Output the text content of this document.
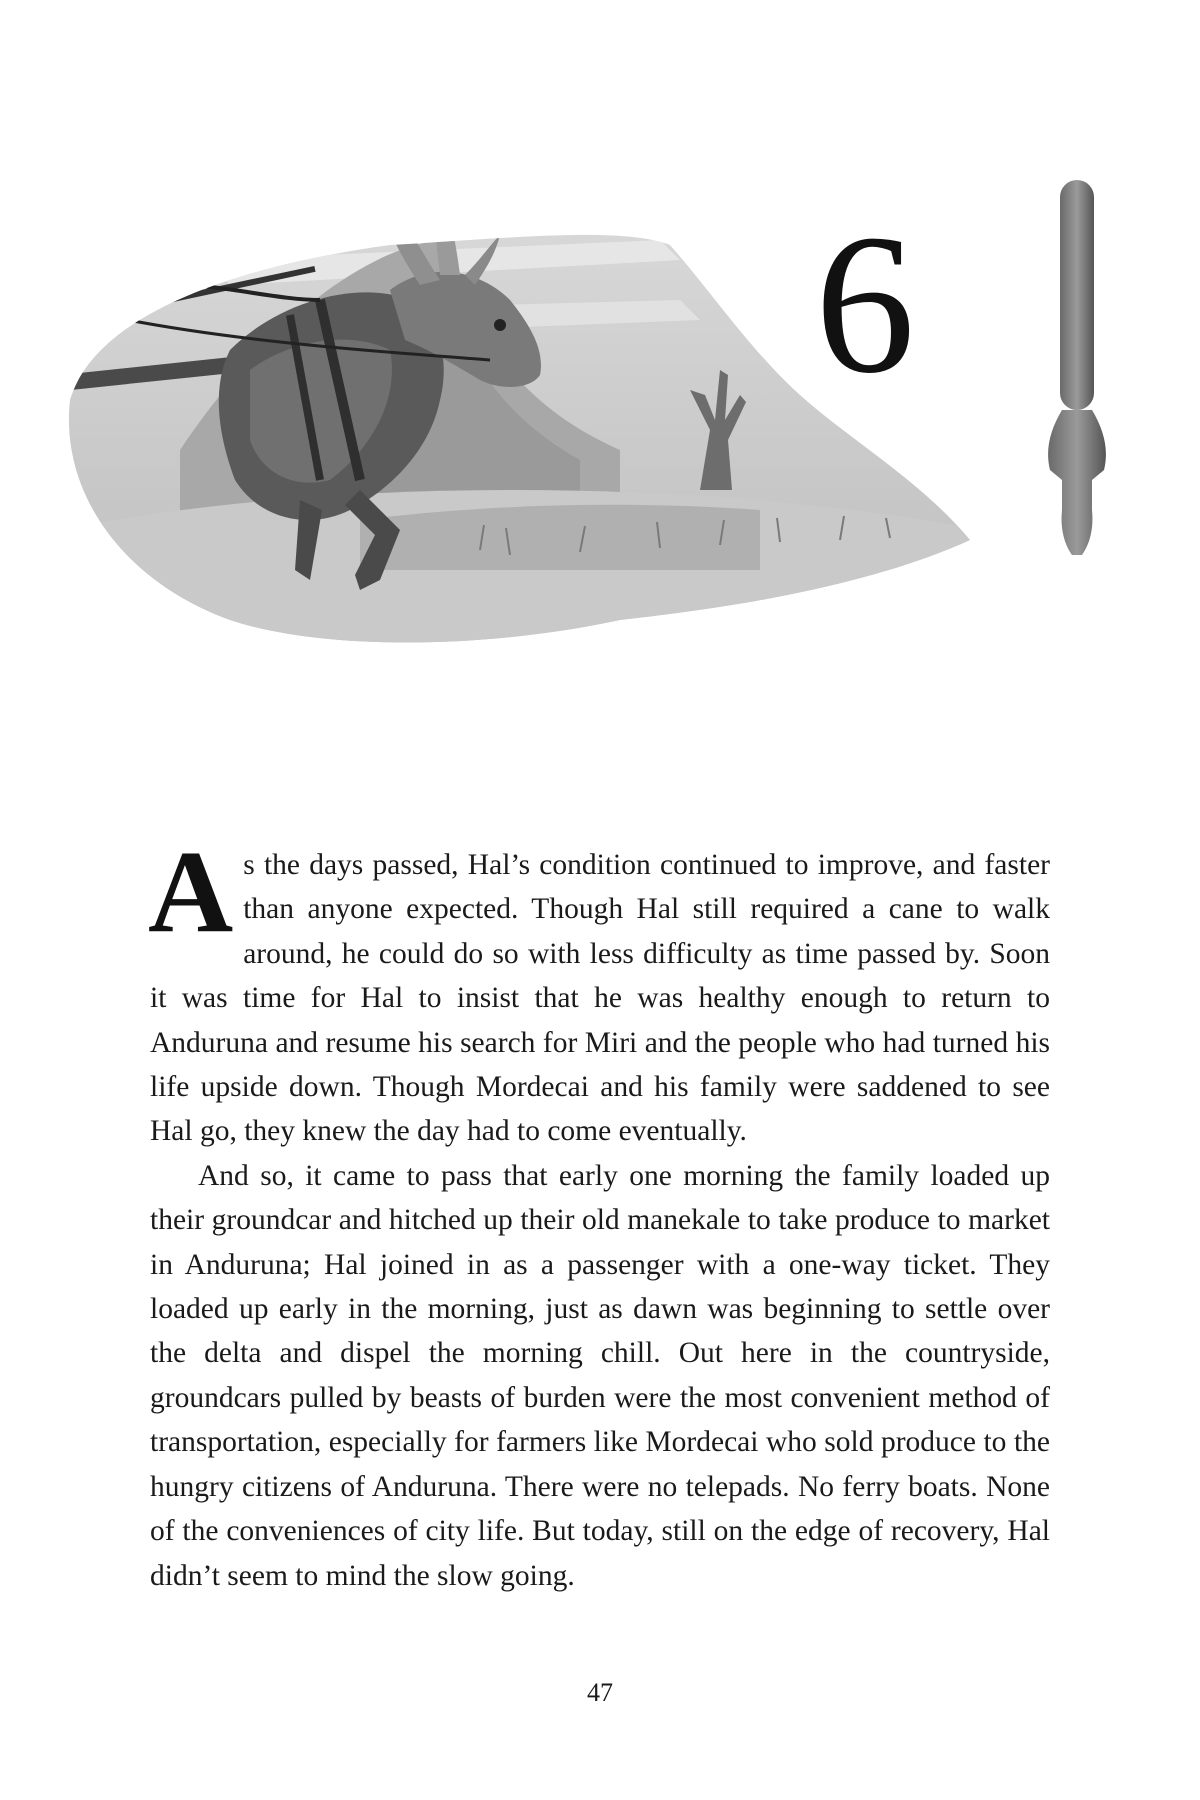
6

As the days passed, Hal’s condition continued to improve, and faster than anyone expected. Though Hal still required a cane to walk around, he could do so with less difficulty as time passed by. Soon it was time for Hal to insist that he was healthy enough to return to Anduruna and resume his search for Miri and the people who had turned his life upside down. Though Mordecai and his family were saddened to see Hal go, they knew the day had to come eventually.

And so, it came to pass that early one morning the family loaded up their groundcar and hitched up their old manekale to take produce to market in Anduruna; Hal joined in as a passenger with a one-way ticket. They loaded up early in the morning, just as dawn was beginning to settle over the delta and dispel the morning chill. Out here in the countryside, groundcars pulled by beasts of burden were the most convenient method of transportation, especially for farmers like Mordecai who sold produce to the hungry citizens of Anduruna. There were no telepads. No ferry boats. None of the conveniences of city life. But today, still on the edge of recovery, Hal didn’t seem to mind the slow going.

47
